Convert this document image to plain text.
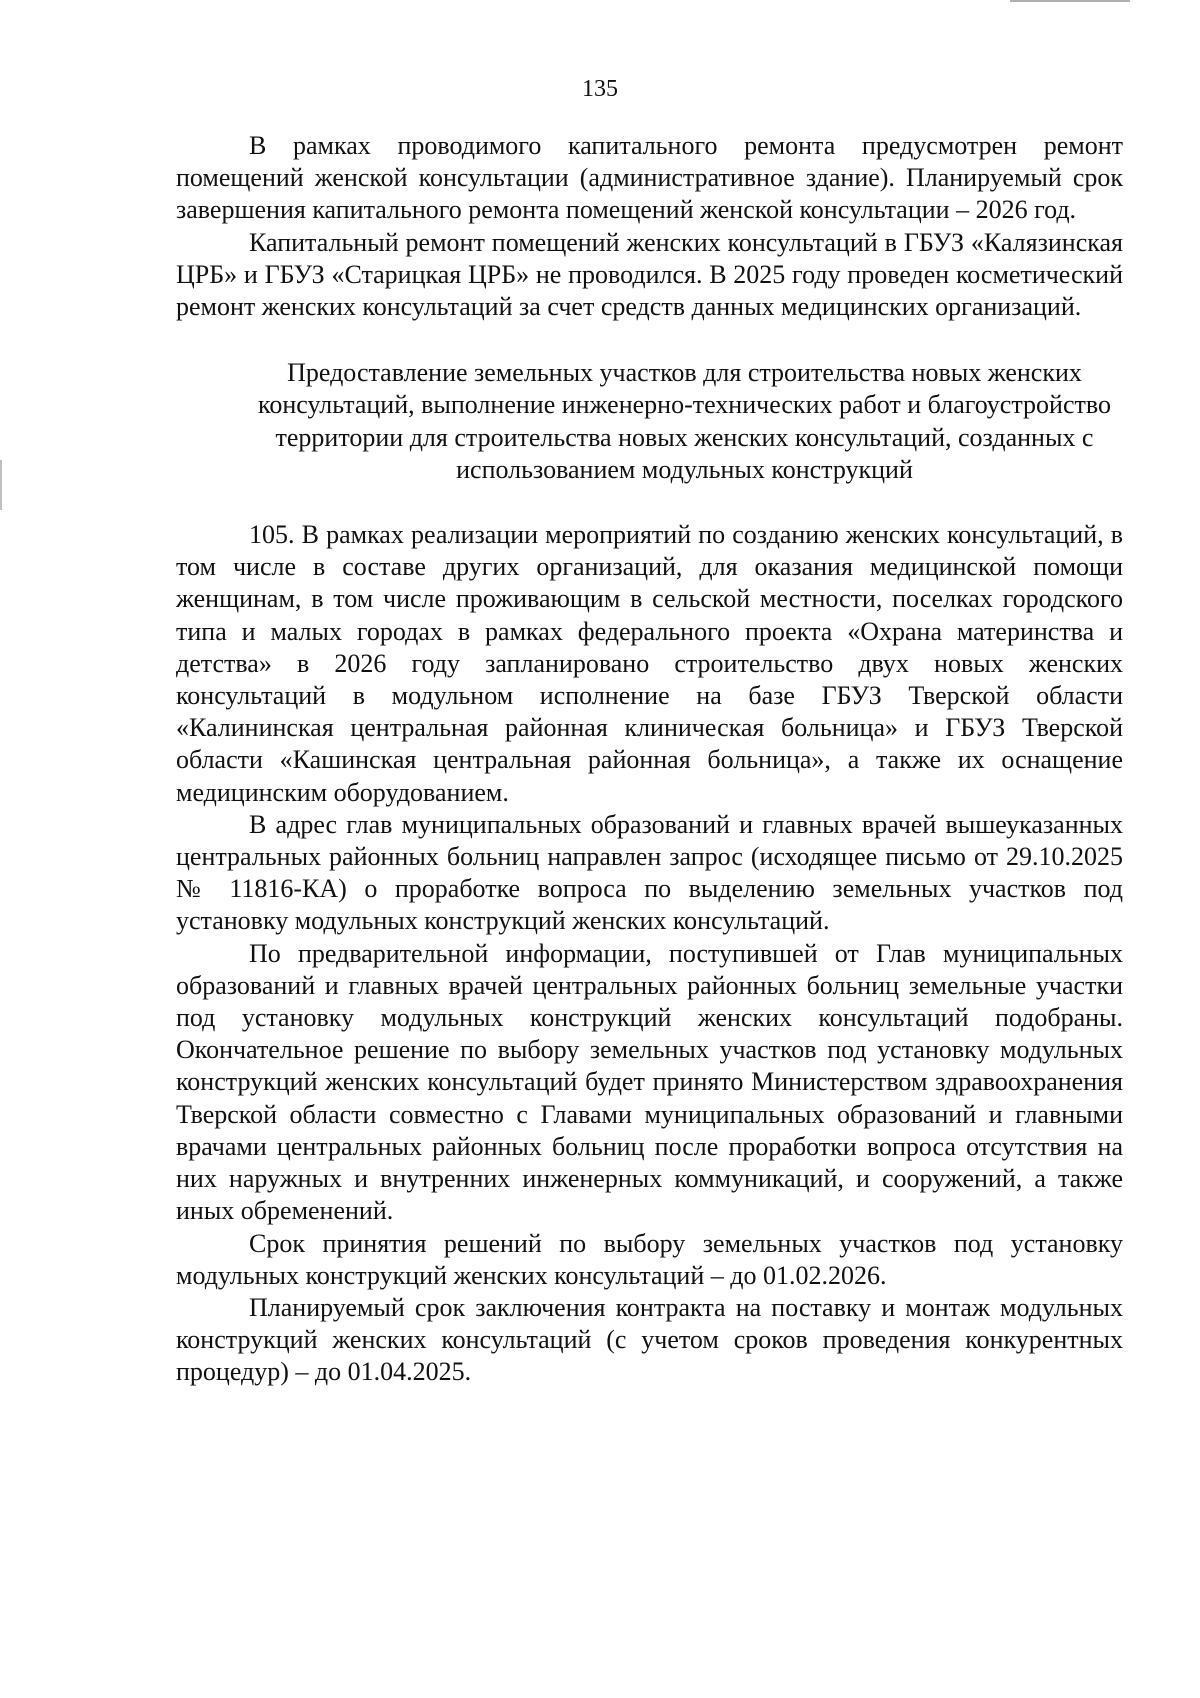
135

В рамках проводимого капитального ремонта предусмотрен ремонт помещений женской консультации (административное здание). Планируемый срок завершения капитального ремонта помещений женской консультации – 2026 год.

Капитальный ремонт помещений женских консультаций в ГБУЗ «Калязинская ЦРБ» и ГБУЗ «Старицкая ЦРБ» не проводился. В 2025 году проведен косметический ремонт женских консультаций за счет средств данных медицинских организаций.

Предоставление земельных участков для строительства новых женских консультаций, выполнение инженерно-технических работ и благоустройство территории для строительства новых женских консультаций, созданных с использованием модульных конструкций

105. В рамках реализации мероприятий по созданию женских консультаций, в том числе в составе других организаций, для оказания медицинской помощи женщинам, в том числе проживающим в сельской местности, поселках городского типа и малых городах в рамках федерального проекта «Охрана материнства и детства» в 2026 году запланировано строительство двух новых женских консультаций в модульном исполнение на базе ГБУЗ Тверской области «Калининская центральная районная клиническая больница» и ГБУЗ Тверской области «Кашинская центральная районная больница», а также их оснащение медицинским оборудованием.

В адрес глав муниципальных образований и главных врачей вышеуказанных центральных районных больниц направлен запрос (исходящее письмо от 29.10.2025 № 11816-КА) о проработке вопроса по выделению земельных участков под установку модульных конструкций женских консультаций.

По предварительной информации, поступившей от Глав муниципальных образований и главных врачей центральных районных больниц земельные участки под установку модульных конструкций женских консультаций подобраны. Окончательное решение по выбору земельных участков под установку модульных конструкций женских консультаций будет принято Министерством здравоохранения Тверской области совместно с Главами муниципальных образований и главными врачами центральных районных больниц после проработки вопроса отсутствия на них наружных и внутренних инженерных коммуникаций, и сооружений, а также иных обременений.

Срок принятия решений по выбору земельных участков под установку модульных конструкций женских консультаций – до 01.02.2026.

Планируемый срок заключения контракта на поставку и монтаж модульных конструкций женских консультаций (с учетом сроков проведения конкурентных процедур) – до 01.04.2025.
